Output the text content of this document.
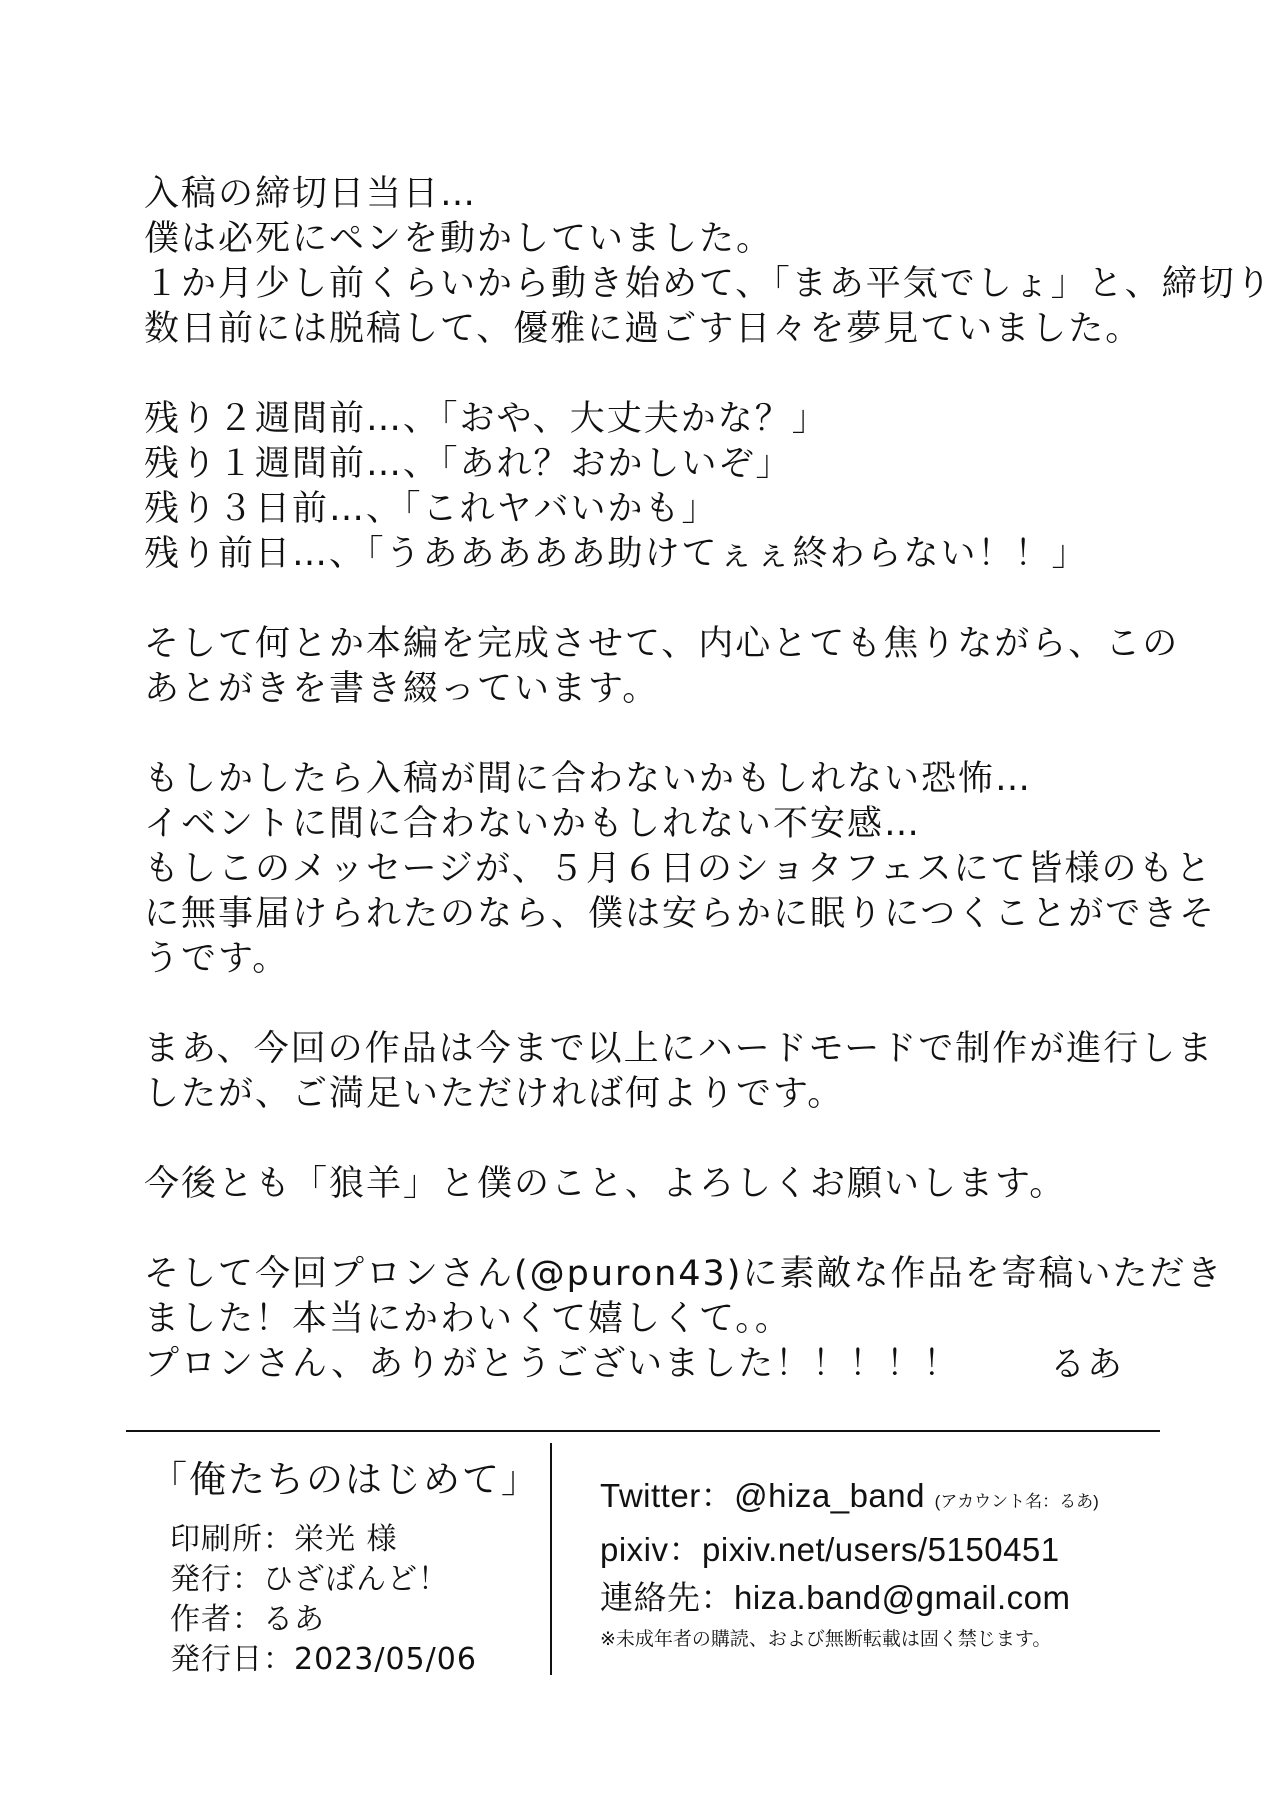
入稿の締切日当日…
僕は必死にペンを動かしていました。
１か月少し前くらいから動き始めて、「まあ平気でしょ」と、締切り
数日前には脱稿して、優雅に過ごす日々を夢見ていました。

残り２週間前…、「おや、大丈夫かな？」
残り１週間前…、「あれ？おかしいぞ」
残り３日前…、「これヤバいかも」
残り前日…、「うあああああ助けてぇぇ終わらない！！」

そして何とか本編を完成させて、内心とても焦りながら、この
あとがきを書き綴っています。

もしかしたら入稿が間に合わないかもしれない恐怖…
イベントに間に合わないかもしれない不安感…
もしこのメッセージが、５月６日のショタフェスにて皆様のもと
に無事届けられたのなら、僕は安らかに眠りにつくことができそ
うです。

まあ、今回の作品は今まで以上にハードモードで制作が進行しま
したが、ご満足いただければ何よりです。

今後とも「狼羊」と僕のこと、よろしくお願いします。

そして今回プロンさん(@puron43)に素敵な作品を寄稿いただき
ました！本当にかわいくて嬉しくて。。
プロンさん、ありがとうございました！！！！！	るあ
「俺たちのはじめて」
印刷所：栄光 様
発行：ひざばんど！
作者：るあ
発行日：2023/05/06
Twitter：@hiza_band (アカウント名：るあ)
pixiv：pixiv.net/users/5150451
連絡先：hiza.band@gmail.com
※未成年者の購読、および無断転載は固く禁じます。
